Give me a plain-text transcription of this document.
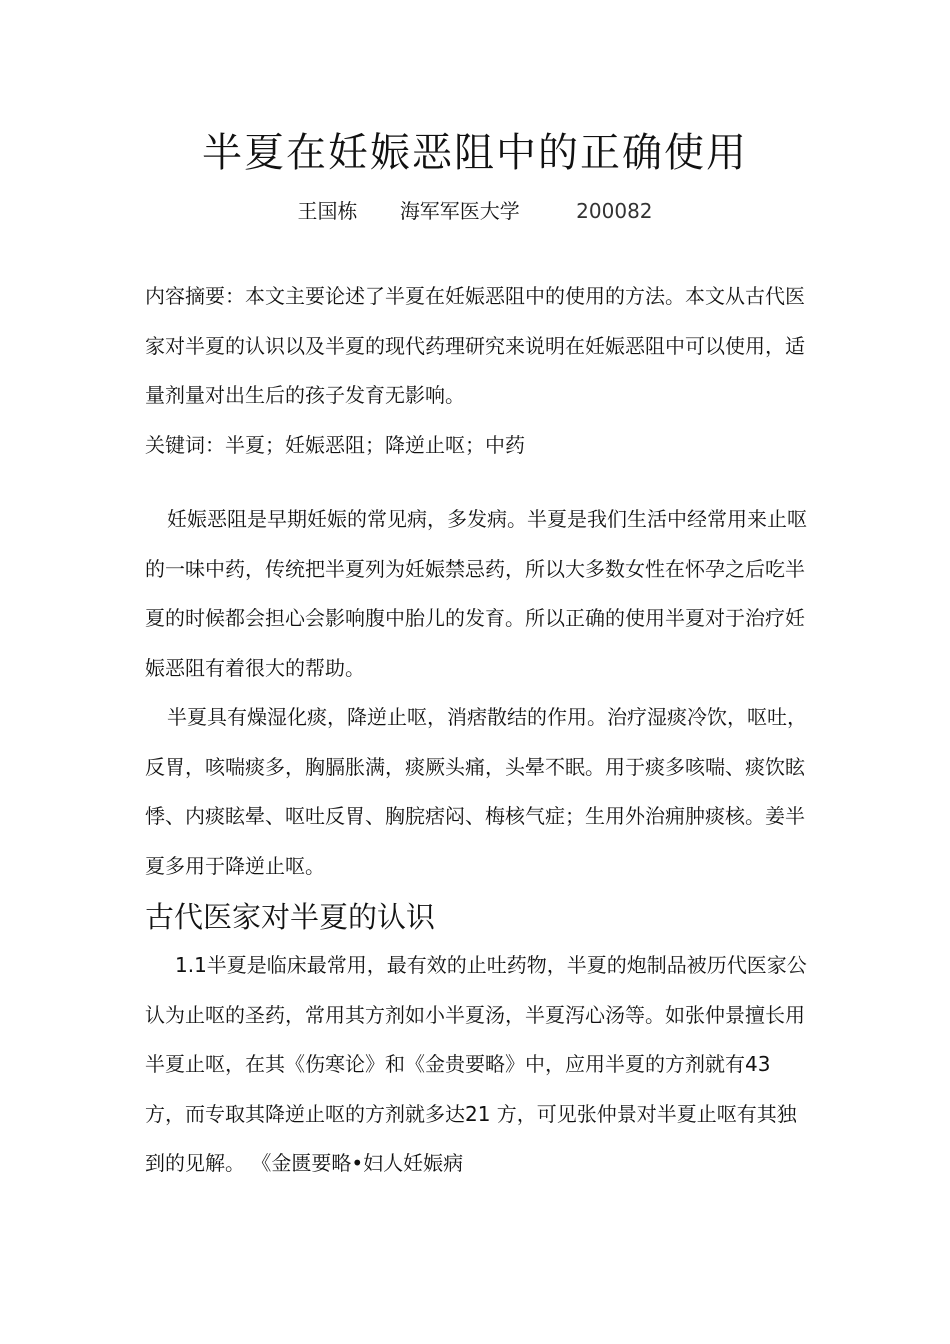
半夏在妊娠恶阻中的正确使用
王国栋 海军军医大学	200082

内容摘要：本文主要论述了半夏在妊娠恶阻中的使用的方法。本文从古代医家对半夏的认识以及半夏的现代药理研究来说明在妊娠恶阻中可以使用，适量剂量对出生后的孩子发育无影响。

关键词：半夏；妊娠恶阻；降逆止呕；中药

妊娠恶阻是早期妊娠的常见病，多发病。半夏是我们生活中经常用来止呕的一味中药，传统把半夏列为妊娠禁忌药，所以大多数女性在怀孕之后吃半夏的时候都会担心会影响腹中胎儿的发育。所以正确的使用半夏对于治疗妊娠恶阻有着很大的帮助。

半夏具有燥湿化痰，降逆止呕，消痞散结的作用。治疗湿痰冷饮，呕吐，反胃，咳喘痰多，胸膈胀满，痰厥头痛，头晕不眠。用于痰多咳喘、痰饮眩悸、内痰眩晕、呕吐反胃、胸脘痞闷、梅核气症；生用外治痈肿痰核。姜半夏多用于降逆止呕。

古代医家对半夏的认识

1.1半夏是临床最常用，最有效的止吐药物，半夏的炮制品被历代医家公认为止呕的圣药，常用其方剂如小半夏汤，半夏泻心汤等。如张仲景擅长用半夏止呕，在其《伤寒论》和《金贵要略》中，应用半夏的方剂就有43 方，而专取其降逆止呕的方剂就多达21 方，可见张仲景对半夏止呕有其独到的见解。 《金匮要略•妇人妊娠病
